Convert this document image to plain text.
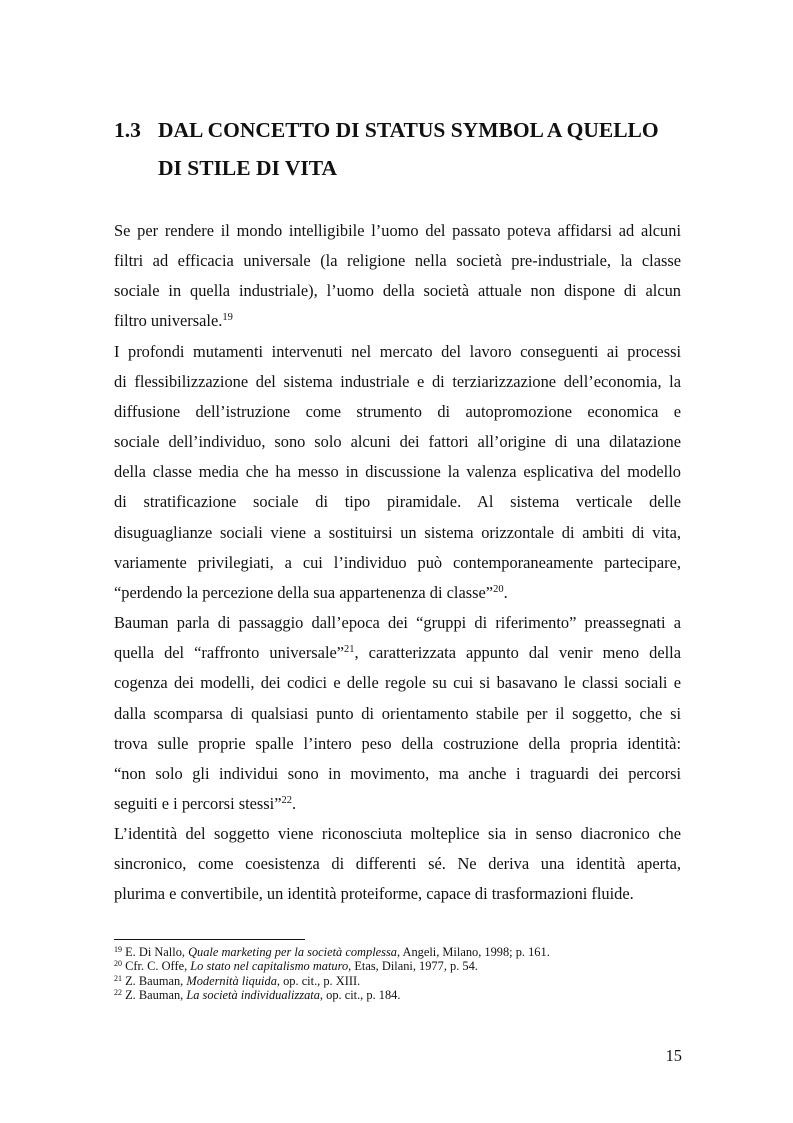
1.3 DAL CONCETTO DI STATUS SYMBOL A QUELLO
DI STILE DI VITA

Se per rendere il mondo intelligibile l’uomo del passato poteva affidarsi ad alcuni
filtri ad efficacia universale (la religione nella società pre-industriale, la classe
sociale in quella industriale), l’uomo della società attuale non dispone di alcun
filtro universale.$^{19}$

I profondi mutamenti intervenuti nel mercato del lavoro conseguenti ai processi
di flessibilizzazione del sistema industriale e di terziarizzazione dell’economia, la
diffusione dell’istruzione come strumento di autopromozione economica e
sociale dell’individuo, sono solo alcuni dei fattori all’origine di una dilatazione
della classe media che ha messo in discussione la valenza esplicativa del modello
di stratificazione sociale di tipo piramidale. Al sistema verticale delle
disuguaglianze sociali viene a sostituirsi un sistema orizzontale di ambiti di vita,
variamente privilegiati, a cui l’individuo può contemporaneamente partecipare,
“perdendo la percezione della sua appartenenza di classe”$^{20}$.

Bauman parla di passaggio dall’epoca dei “gruppi di riferimento” preassegnati a
quella del “raffronto universale”$^{21}$, caratterizzata appunto dal venir meno della
cogenza dei modelli, dei codici e delle regole su cui si basavano le classi sociali e
dalla scomparsa di qualsiasi punto di orientamento stabile per il soggetto, che si
trova sulle proprie spalle l’intero peso della costruzione della propria identità:
“non solo gli individui sono in movimento, ma anche i traguardi dei percorsi
seguiti e i percorsi stessi”$^{22}$.

L’identità del soggetto viene riconosciuta molteplice sia in senso diacronico che
sincronico, come coesistenza di differenti sé. Ne deriva una identità aperta,
plurima e convertibile, un identità proteiforme, capace di trasformazioni fluide.

$^{19}$ E. Di Nallo, Quale marketing per la società complessa, Angeli, Milano, 1998; p. 161.
$^{20}$ Cfr. C. Offe, Lo stato nel capitalismo maturo, Etas, Dilani, 1977, p. 54.
$^{21}$ Z. Bauman, Modernità liquida, op. cit., p. XIII.
$^{22}$ Z. Bauman, La società individualizzata, op. cit., p. 184.
15
